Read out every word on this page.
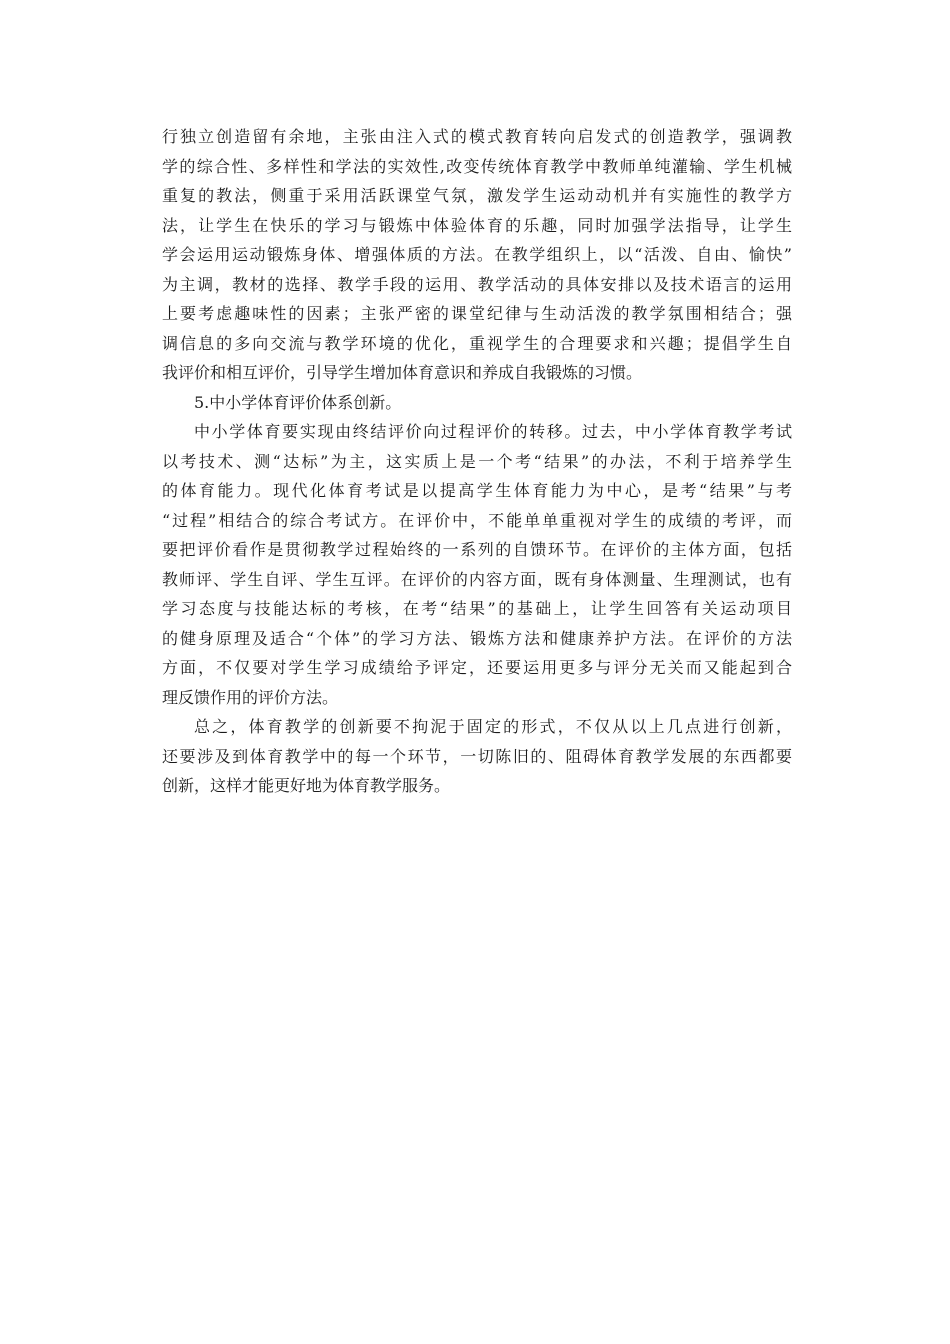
行独立创造留有余地，主张由注入式的模式教育转向启发式的创造教学，强调教
学的综合性、多样性和学法的实效性,改变传统体育教学中教师单纯灌输、学生机械
重复的教法，侧重于采用活跃课堂气氛，激发学生运动动机并有实施性的教学方
法，让学生在快乐的学习与锻炼中体验体育的乐趣，同时加强学法指导，让学生
学会运用运动锻炼身体、增强体质的方法。在教学组织上，以“活泼、自由、愉快”
为主调，教材的选择、教学手段的运用、教学活动的具体安排以及技术语言的运用
上要考虑趣味性的因素；主张严密的课堂纪律与生动活泼的教学氛围相结合；强
调信息的多向交流与教学环境的优化，重视学生的合理要求和兴趣；提倡学生自
我评价和相互评价，引导学生增加体育意识和养成自我锻炼的习惯。
5.中小学体育评价体系创新。
中小学体育要实现由终结评价向过程评价的转移。过去，中小学体育教学考试
以考技术、测“达标”为主，这实质上是一个考“结果”的办法，不利于培养学生
的体育能力。现代化体育考试是以提高学生体育能力为中心，是考“结果”与考
“过程”相结合的综合考试方。在评价中，不能单单重视对学生的成绩的考评，而
要把评价看作是贯彻教学过程始终的一系列的自馈环节。在评价的主体方面，包括
教师评、学生自评、学生互评。在评价的内容方面，既有身体测量、生理测试，也有
学习态度与技能达标的考核，在考“结果”的基础上，让学生回答有关运动项目
的健身原理及适合“个体”的学习方法、锻炼方法和健康养护方法。在评价的方法
方面，不仅要对学生学习成绩给予评定，还要运用更多与评分无关而又能起到合
理反馈作用的评价方法。
总之，体育教学的创新要不拘泥于固定的形式，不仅从以上几点进行创新，
还要涉及到体育教学中的每一个环节，一切陈旧的、阻碍体育教学发展的东西都要
创新，这样才能更好地为体育教学服务。
